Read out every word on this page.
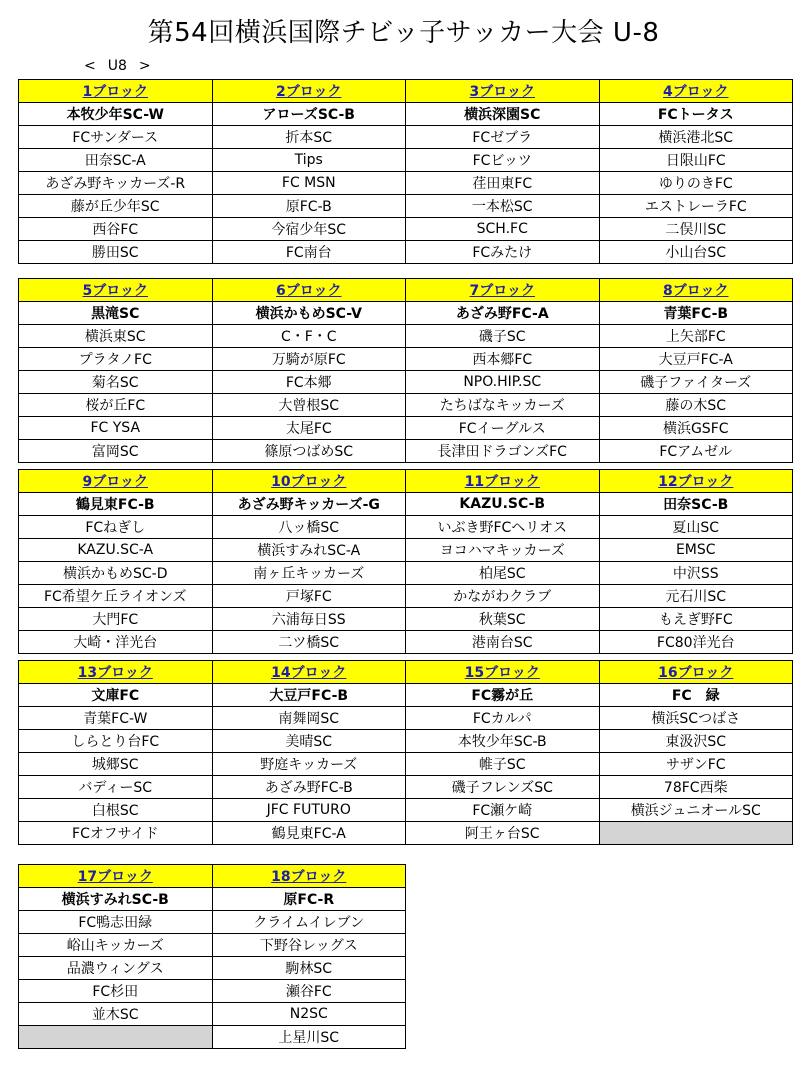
第54回横浜国際チビッ子サッカー大会 U-8
< U8 >
1ブロック	2ブロック	3ブロック	4ブロック
本牧少年SC-W	アローズSC-B	横浜深園SC	FCトータス
FCサンダース	折本SC	FCゼブラ	横浜港北SC
田奈SC-A	Tips	FCビッツ	日限山FC
あざみ野キッカーズ-R	FC MSN	荏田東FC	ゆりのきFC
藤が丘少年SC	原FC-B	一本松SC	エストレーラFC
西谷FC	今宿少年SC	SCH.FC	二俣川SC
勝田SC	FC南台	FCみたけ	小山台SC
5ブロック	6ブロック	7ブロック	8ブロック
黒滝SC	横浜かもめSC-V	あざみ野FC-A	青葉FC-B
横浜東SC	C・F・C	磯子SC	上矢部FC
プラタノFC	万騎が原FC	西本郷FC	大豆戸FC-A
菊名SC	FC本郷	NPO.HIP.SC	磯子ファイターズ
桜が丘FC	大曾根SC	たちばなキッカーズ	藤の木SC
FC YSA	太尾FC	FCイーグルス	横浜GSFC
富岡SC	篠原つばめSC	長津田ドラゴンズFC	FCアムゼル
9ブロック	10ブロック	11ブロック	12ブロック
鶴見東FC-B	あざみ野キッカーズ-G	KAZU.SC-B	田奈SC-B
FCねぎし	八ッ橋SC	いぶき野FCヘリオス	夏山SC
KAZU.SC-A	横浜すみれSC-A	ヨコハマキッカーズ	EMSC
横浜かもめSC-D	南ヶ丘キッカーズ	柏尾SC	中沢SS
FC希望ケ丘ライオンズ	戸塚FC	かながわクラブ	元石川SC
大門FC	六浦毎日SS	秋葉SC	もえぎ野FC
大崎・洋光台	二ツ橋SC	港南台SC	FC80洋光台
13ブロック	14ブロック	15ブロック	16ブロック
文庫FC	大豆戸FC-B	FC霧が丘	FC　緑
青葉FC-W	南舞岡SC	FCカルパ	横浜SCつばさ
しらとり台FC	美晴SC	本牧少年SC-B	東汲沢SC
城郷SC	野庭キッカーズ	帷子SC	サザンFC
バディーSC	あざみ野FC-B	磯子フレンズSC	78FC西柴
白根SC	JFC FUTURO	FC瀬ケ崎	横浜ジュニオールSC
FCオフサイド	鶴見東FC-A	阿王ヶ台SC	
17ブロック	18ブロック
横浜すみれSC-B	原FC-R
FC鴨志田緑	クライムイレブン
峪山キッカーズ	下野谷レッグス
品濃ウィングス	駒林SC
FC杉田	瀬谷FC
並木SC	N2SC
	上星川SC
